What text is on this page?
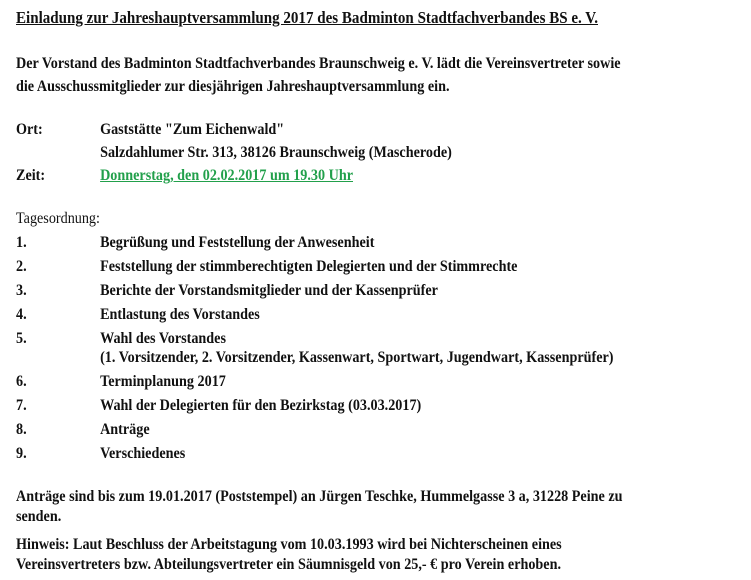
Einladung zur Jahreshauptversammlung 2017 des Badminton Stadtfachverbandes BS e. V.
Der Vorstand des Badminton Stadtfachverbandes Braunschweig e. V. lädt die Vereinsvertreter sowie
die Ausschussmitglieder zur diesjährigen Jahreshauptversammlung ein.
Ort:	Gaststätte "Zum Eichenwald"
Salzdahlumer Str. 313, 38126 Braunschweig (Mascherode)
Zeit:	Donnerstag, den 02.02.2017 um 19.30 Uhr
Tagesordnung:
1.	Begrüßung und Feststellung der Anwesenheit
2.	Feststellung der stimmberechtigten Delegierten und der Stimmrechte
3.	Berichte der Vorstandsmitglieder und der Kassenprüfer
4.	Entlastung des Vorstandes
5.	Wahl des Vorstandes
(1. Vorsitzender, 2. Vorsitzender, Kassenwart, Sportwart, Jugendwart, Kassenprüfer)
6.	Terminplanung 2017
7.	Wahl der Delegierten für den Bezirkstag (03.03.2017)
8.	Anträge
9.	Verschiedenes
Anträge sind bis zum 19.01.2017 (Poststempel) an Jürgen Teschke, Hummelgasse 3 a, 31228 Peine zu
senden.
Hinweis: Laut Beschluss der Arbeitstagung vom 10.03.1993 wird bei Nichterscheinen eines
Vereinsvertreters bzw. Abteilungsvertreter ein Säumnisgeld von 25,- € pro Verein erhoben.
